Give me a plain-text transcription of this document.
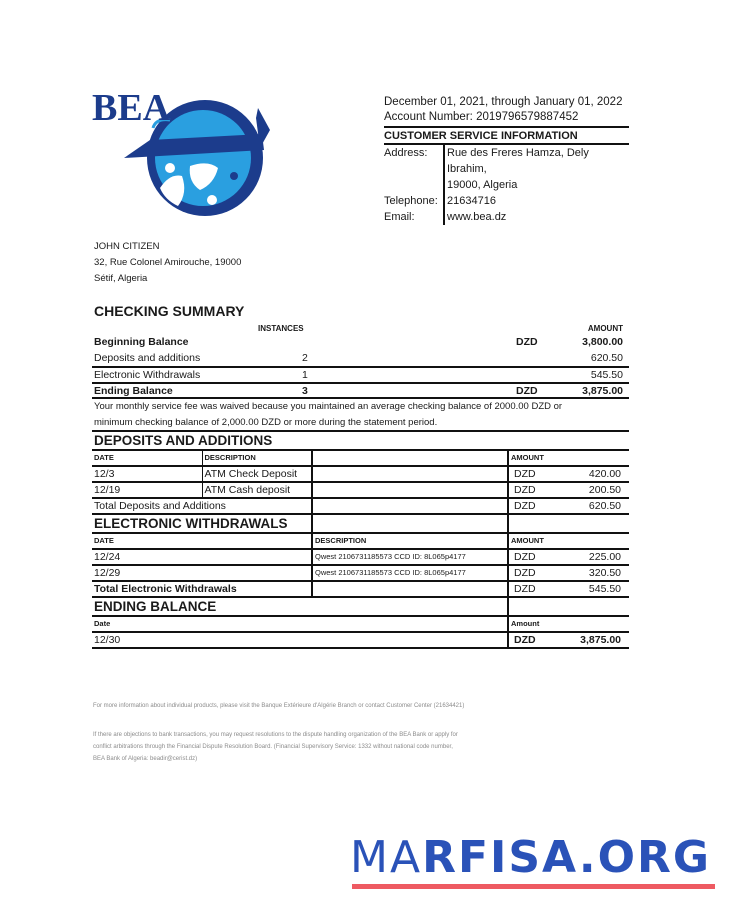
BEA	December 01, 2021, through January 01, 2022
Account Number: 2019796579887452
CUSTOMER SERVICE INFORMATION
Address:	Rue des Freres Hamza, Dely Ibrahim,
19000, Algeria
Telephone: 21634716
Email:	www.bea.dz
JOHN CITIZEN
32, Rue Colonel Amirouche, 19000
Sétif, Algeria
CHECKING SUMMARY
INSTANCES	AMOUNT
Beginning Balance	DZD	3,800.00
Deposits and additions	2	620.50
Electronic Withdrawals	1	545.50
Ending Balance	3	DZD	3,875.00
Your monthly service fee was waived because you maintained an average checking balance of 2000.00 DZD or
minimum checking balance of 2,000.00 DZD or more during the statement period.
DEPOSITS AND ADDITIONS			
DATE	DESCRIPTION		AMOUNT
12/3	ATM Check Deposit		DZD 420.00

12/19	ATM Cash deposit		DZD 200.50

Total Deposits and Additions			DZD 620.50

ELECTRONIC WITHDRAWALS			
DATE		DESCRIPTION	AMOUNT
12/24		Qwest 2106731185573 CCD ID: 8L065p4177	DZD 225.00

12/29		Qwest 2106731185573 CCD ID: 8L065p4177	DZD 320.50

Total Electronic Withdrawals			DZD 545.50

ENDING BALANCE			
Date			Amount
12/30			DZD 3,875.00
For more information about individual products, please visit the Banque Extérieure d'Algérie Branch or contact Customer Center (21634421)
If there are objections to bank transactions, you may request resolutions to the dispute handling organization of the BEA Bank or apply for
conflict arbitrations through the Financial Dispute Resolution Board. (Financial Supervisory Service: 1332 without national code number,
BEA Bank of Algeria: beadir@cerist.dz)
MARFISA.ORG
